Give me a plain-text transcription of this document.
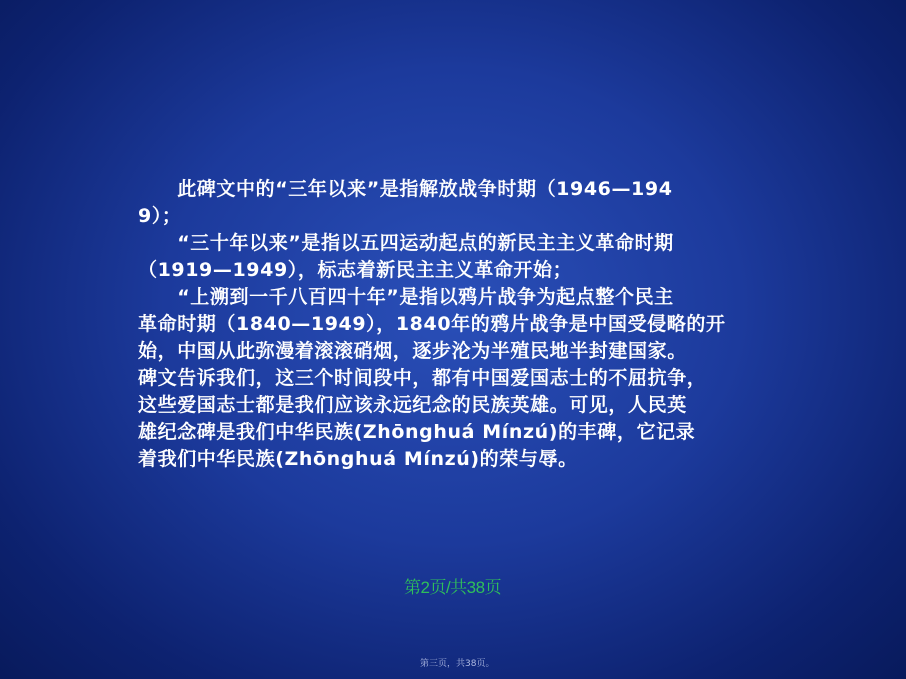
　　此碑文中的“三年以来”是指解放战争时期（1946—194
9）；
　　“三十年以来”是指以五四运动起点的新民主主义革命时期
（1919—1949），标志着新民主主义革命开始；
　　“上溯到一千八百四十年”是指以鸦片战争为起点整个民主
革命时期（1840—1949），1840年的鸦片战争是中国受侵略的开
始，中国从此弥漫着滚滚硝烟，逐步沦为半殖民地半封建国家。
碑文告诉我们，这三个时间段中，都有中国爱国志士的不屈抗争，
这些爱国志士都是我们应该永远纪念的民族英雄。可见，人民英
雄纪念碑是我们中华民族(Zhōnghuá Mínzú)的丰碑，它记录
着我们中华民族(Zhōnghuá Mínzú)的荣与辱。
第2页/共38页
第三页，共38页。
